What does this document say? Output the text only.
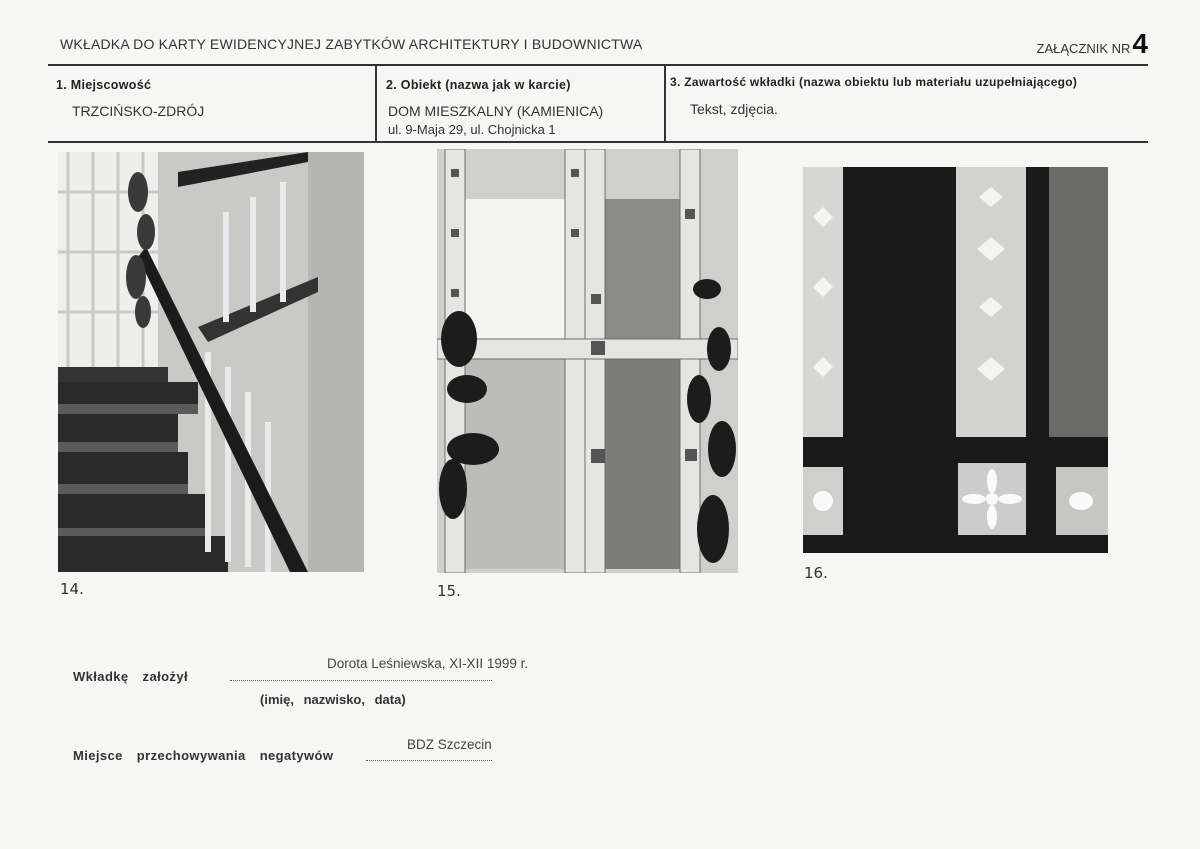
WKŁADKA DO KARTY EWIDENCYJNEJ ZABYTKÓW ARCHITEKTURY I BUDOWNICTWA	ZAŁĄCZNIK NR 4
1. Miejscowość
TRZCIŃSKO-ZDRÓJ
2. Obiekt (nazwa jak w karcie)
DOM MIESZKALNY (KAMIENICA)
ul. 9-Maja 29, ul. Chojnicka 1
3. Zawartość wkładki (nazwa obiektu lub materiału uzupełniającego)
Tekst, zdjęcia.
14.	15.
16.
Dorota Leśniewska, XI-XII 1999 r.
Wkładkę założył
(imię, nazwisko, data)
BDZ Szczecin
Miejsce przechowywania negatywów
